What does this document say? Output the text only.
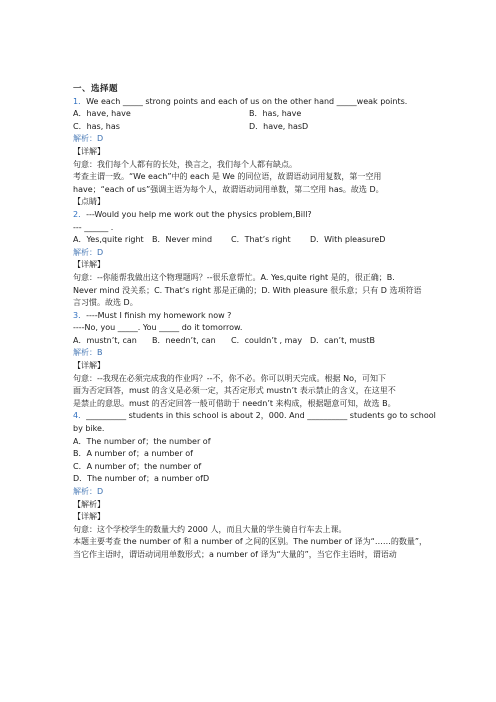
一、选择题
1．We each _____ strong points and each of us on the other hand _____weak points.
A．have, have	B．has, have
C．has, has	D．have, hasD
解析：D
【详解】
句意：我们每个人都有的长处，换言之，我们每个人都有缺点。
考查主谓一致。“We each”中的 each 是 We 的同位语，故谓语动词用复数，第一空用
have；“each of us”强调主语为每个人，故谓语动词用单数，第二空用 has。故选 D。
【点睛】
2．---Would you help me work out the physics problem,Bill?
--- ______ .
A．Yes,quite right	B．Never mind	C．That’s right	D．With pleasureD
解析：D
【详解】
句意：--你能帮我做出这个物理题吗？--很乐意帮忙。A. Yes,quite right 是的，很正确；B.
Never mind 没关系；C. That’s right 那是正确的；D. With pleasure 很乐意；只有 D 选项符语
言习惯。故选 D。
3．----Must I finish my homework now ?
----No, you _____. You _____ do it tomorrow.
A．mustn’t, can	B．needn’t, can	C．couldn’t , may D．can’t, mustB
解析：B
【详解】
句意：--我现在必须完成我的作业吗？--不，你不必。你可以明天完成。根据 No，可知下
面为否定回答，must 的含义是必须一定，其否定形式 mustn’t 表示禁止的含义，在这里不
是禁止的意思。must 的否定回答一般可借助于 needn’t 来构成，根据题意可知，故选 B。
4．__________ students in this school is about 2，000. And __________ students go to school
by bike.
A．The number of；the number of
B．A number of；a number of
C．A number of；the number of
D．The number of；a number ofD
解析：D
【解析】
【详解】
句意：这个学校学生的数量大约 2000 人，而且大量的学生骑自行车去上课。
本题主要考查 the number of 和 a number of 之间的区别。The number of 译为“……的数量”，
当它作主语时，谓语动词用单数形式；a number of 译为“大量的”，当它作主语时，谓语动
